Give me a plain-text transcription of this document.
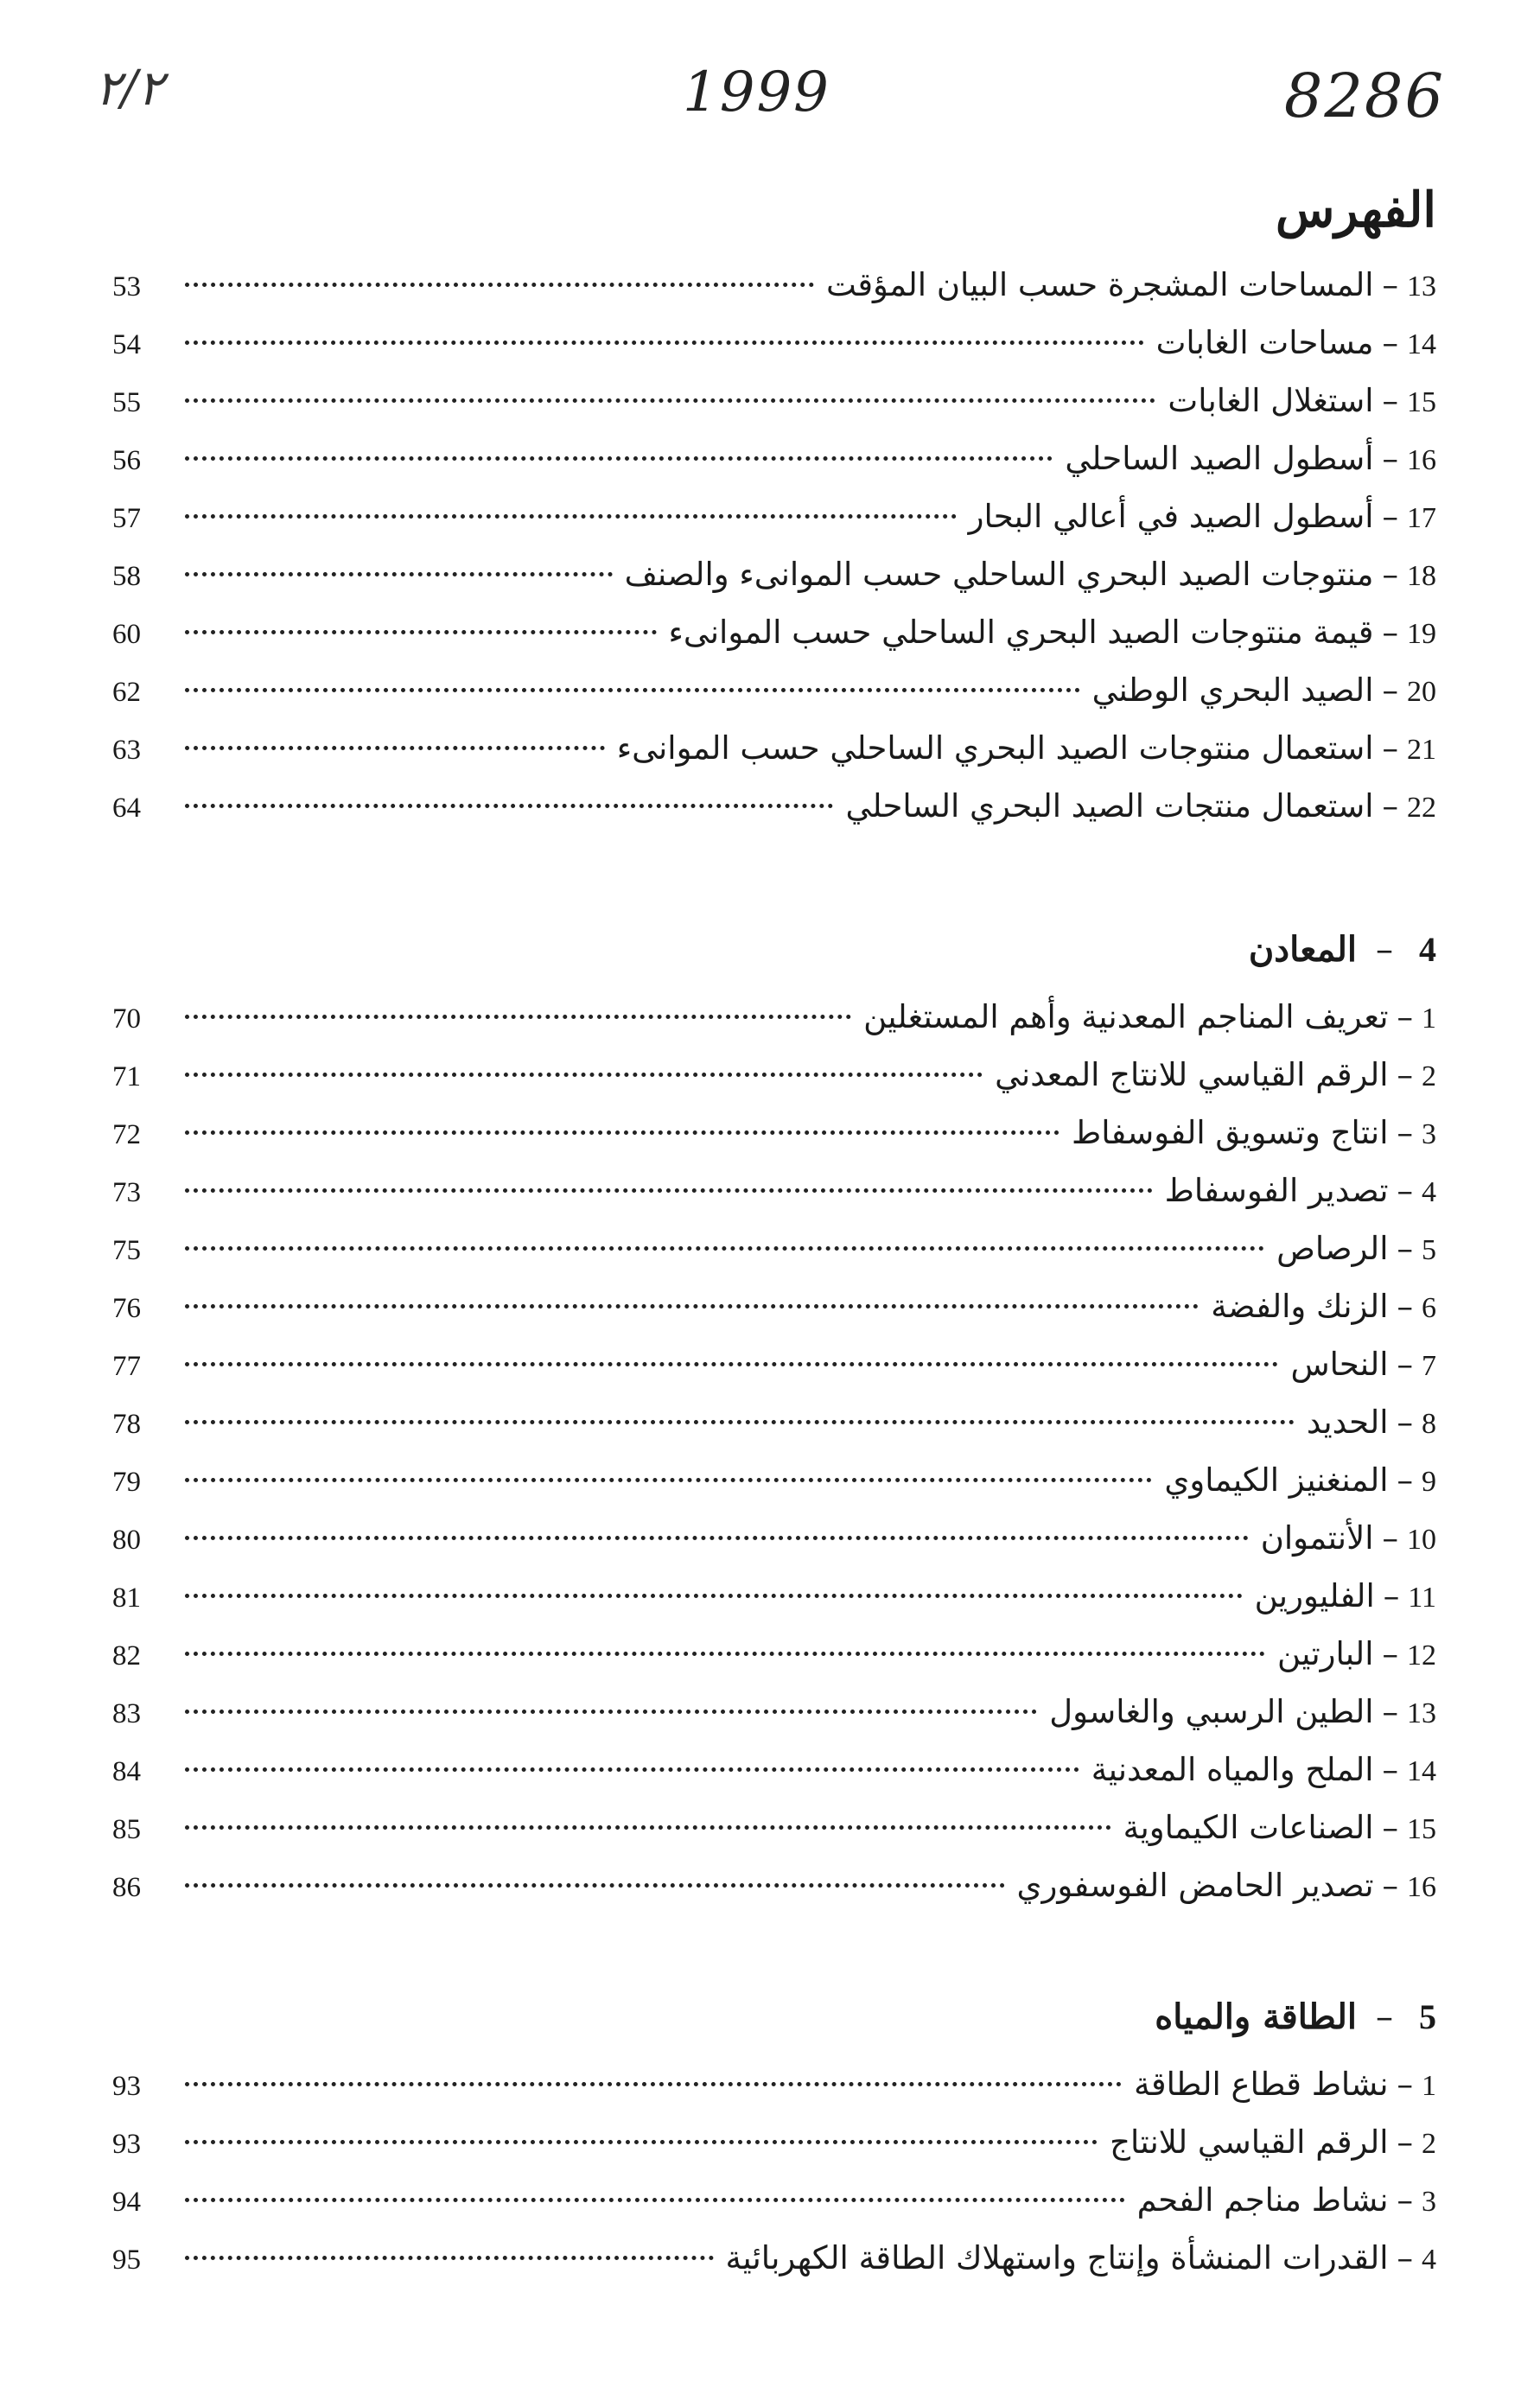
8286
1999
٢/٢
الفهرس
13
–
المساحات المشجرة حسب البيان المؤقت
53
14
–
مساحات الغابات
54
15
–
استغلال الغابات
55
16
–
أسطول الصيد الساحلي
56
17
–
أسطول الصيد في أعالي البحار
57
18
–
منتوجات الصيد البحري الساحلي حسب الموانىء والصنف
58
19
–
قيمة منتوجات الصيد البحري الساحلي حسب الموانىء
60
20
–
الصيد البحري الوطني
62
21
–
استعمال منتوجات الصيد البحري الساحلي حسب الموانىء
63
22
–
استعمال منتجات الصيد البحري الساحلي
64
4
–
المعادن
1
–
تعريف المناجم المعدنية وأهم المستغلين
70
2
–
الرقم القياسي للانتاج المعدني
71
3
–
انتاج وتسويق الفوسفاط
72
4
–
تصدير الفوسفاط
73
5
–
الرصاص
75
6
–
الزنك والفضة
76
7
–
النحاس
77
8
–
الحديد
78
9
–
المنغنيز الكيماوي
79
10
–
الأنتموان
80
11
–
الفليورين
81
12
–
البارتين
82
13
–
الطين الرسبي والغاسول
83
14
–
الملح والمياه المعدنية
84
15
–
الصناعات الكيماوية
85
16
–
تصدير الحامض الفوسفوري
86
5
–
الطاقة والمياه
1
–
نشاط قطاع الطاقة
93
2
–
الرقم القياسي للانتاج
93
3
–
نشاط مناجم الفحم
94
4
–
القدرات المنشأة وإنتاج واستهلاك الطاقة الكهربائية
95
